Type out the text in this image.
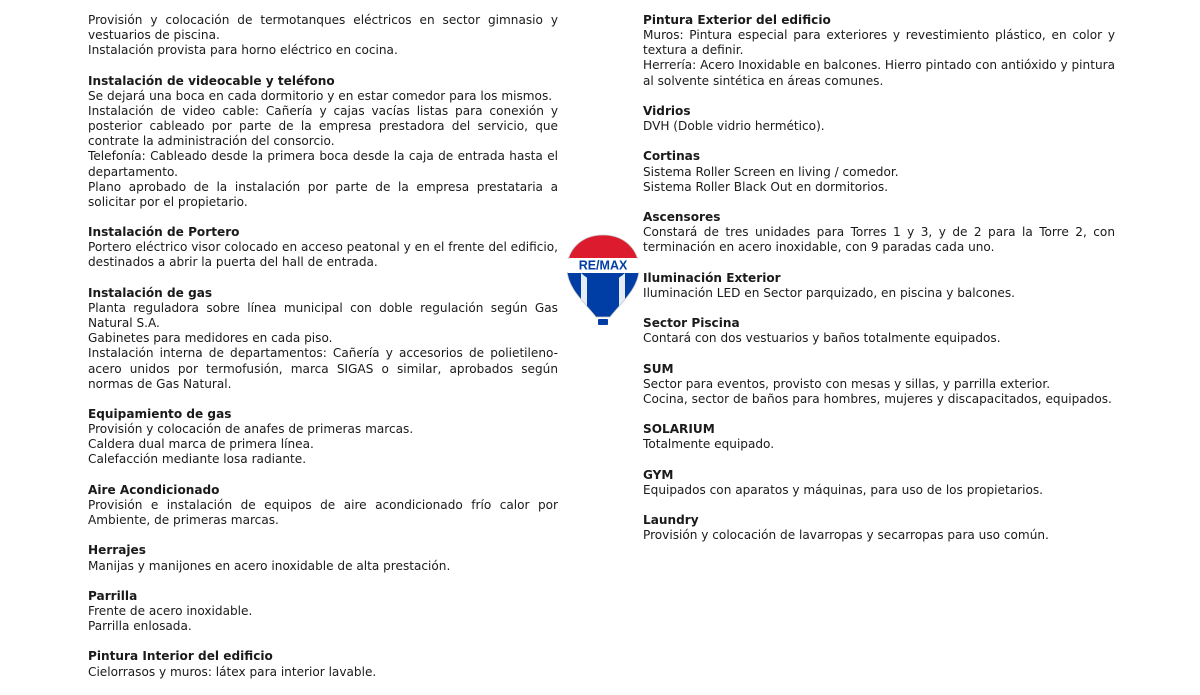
Provisión y colocación de termotanques eléctricos en sector gimnasio y vestuarios de piscina.

Instalación provista para horno eléctrico en cocina.

Instalación de videocable y teléfono

Se dejará una boca en cada dormitorio y en estar comedor para los mismos.

Instalación de video cable: Cañería y cajas vacías listas para conexión y posterior cableado por parte de la empresa prestadora del servicio, que contrate la administración del consorcio.

Telefonía: Cableado desde la primera boca desde la caja de entrada hasta el departamento.

Plano aprobado de la instalación por parte de la empresa prestataria a solicitar por el propietario.

Instalación de Portero

Portero eléctrico visor colocado en acceso peatonal y en el frente del edificio, destinados a abrir la puerta del hall de entrada.

Instalación de gas

Planta reguladora sobre línea municipal con doble regulación según Gas Natural S.A.

Gabinetes para medidores en cada piso.

Instalación interna de departamentos: Cañería y accesorios de polietileno-acero unidos por termofusión, marca SIGAS o similar, aprobados según normas de Gas Natural.

Equipamiento de gas

Provisión y colocación de anafes de primeras marcas.

Caldera dual marca de primera línea.

Calefacción mediante losa radiante.

Aire Acondicionado

Provisión e instalación de equipos de aire acondicionado frío calor por Ambiente, de primeras marcas.

Herrajes

Manijas y manijones en acero inoxidable de alta prestación.

Parrilla

Frente de acero inoxidable.

Parrilla enlosada.

Pintura Interior del edificio

Cielorrasos y muros: látex para interior lavable.

RE/MAX
Pintura Exterior del edificio

Muros: Pintura especial para exteriores y revestimiento plástico, en color y textura a definir.

Herrería: Acero Inoxidable en balcones. Hierro pintado con antióxido y pintura al solvente sintética en áreas comunes.

Vidrios

DVH (Doble vidrio hermético).

Cortinas

Sistema Roller Screen en living / comedor.

Sistema Roller Black Out en dormitorios.

Ascensores

Constará de tres unidades para Torres 1 y 3, y de 2 para la Torre 2, con terminación en acero inoxidable, con 9 paradas cada uno.

Iluminación Exterior

Iluminación LED en Sector parquizado, en piscina y balcones.

Sector Piscina

Contará con dos vestuarios y baños totalmente equipados.

SUM

Sector para eventos, provisto con mesas y sillas, y parrilla exterior.

Cocina, sector de baños para hombres, mujeres y discapacitados, equipados.

SOLARIUM

Totalmente equipado.

GYM

Equipados con aparatos y máquinas, para uso de los propietarios.

Laundry

Provisión y colocación de lavarropas y secarropas para uso común.
